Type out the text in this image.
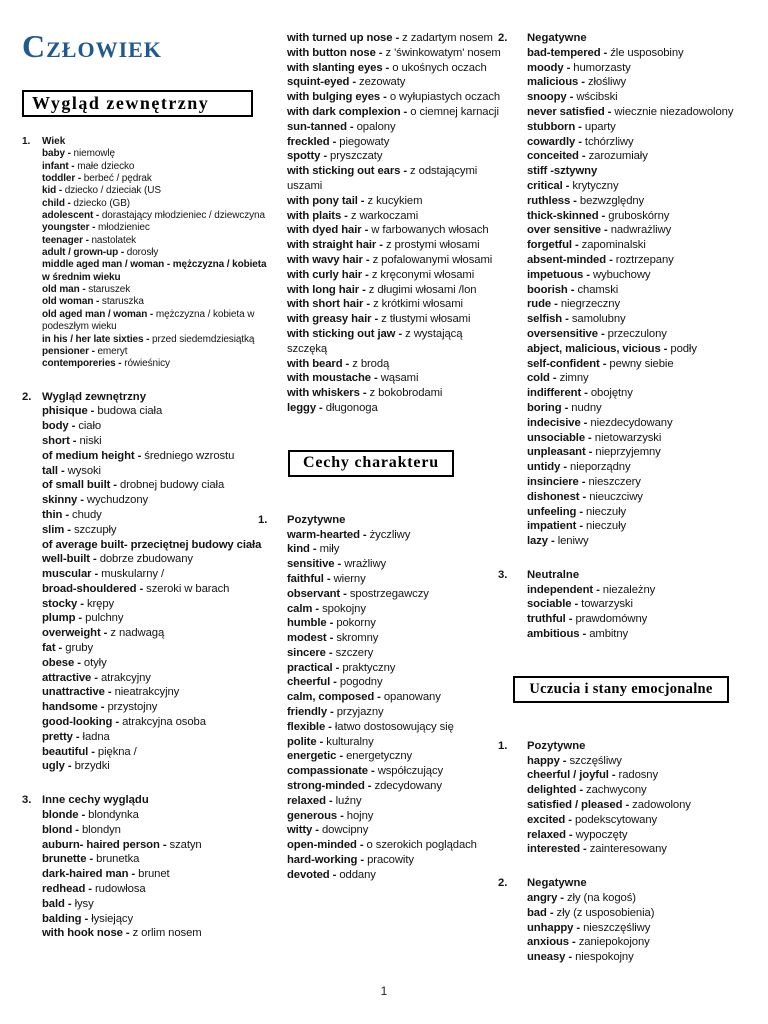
Człowiek
Wygląd zewnętrzny
1. Wiek
baby - niemowlę
infant - małe dziecko
toddler - berbeć / pędrak
kid - dziecko / dzieciak (US
child - dziecko (GB)
adolescent - dorastający młodzieniec / dziewczyna
youngster - młodzieniec
teenager - nastolatek
adult / grown-up - dorosły
middle aged man / woman - mężczyzna / kobieta w średnim wieku
old man - staruszek
old woman - staruszka
old aged man / woman - mężczyzna / kobieta w podeszłym wieku
in his / her late sixties - przed siedemdziesiątką
pensioner - emeryt
contemporeries - rówieśnicy
2. Wygląd zewnętrzny
phisique - budowa ciała
body - ciało
short - niski
of medium height - średniego wzrostu
tall - wysoki
of small built - drobnej budowy ciała
skinny - wychudzony
thin - chudy
slim - szczupły
of average built- przeciętnej budowy ciała
well-built - dobrze zbudowany
muscular - muskularny /
broad-shouldered - szeroki w barach
stocky - krępy
plump - pulchny
overweight - z nadwagą
fat - gruby
obese - otyły
attractive - atrakcyjny
unattractive - nieatrakcyjny
handsome - przystojny
good-looking - atrakcyjna osoba
pretty - ładna
beautiful - piękna /
ugly - brzydki
3. Inne cechy wyglądu
blonde - blondynka
blond - blondyn
auburn- haired person - szatyn
brunette - brunetka
dark-haired man - brunet
redhead - rudowłosa
bald - łysy
balding - łysiejący
with hook nose - z orlim nosem
with turned up nose - z zadartym nosem
with button nose - z 'świnkowatym' nosem
with slanting eyes - o ukośnych oczach
squint-eyed - zezowaty
with bulging eyes - o wyłupiastych oczach
with dark complexion - o ciemnej karnacji
sun-tanned - opalony
freckled - piegowaty
spotty - pryszczaty
with sticking out ears - z odstającymi uszami
with pony tail - z kucykiem
with plaits - z warkoczami
with dyed hair - w farbowanych włosach
with straight hair - z prostymi włosami
with wavy hair - z pofalowanymi włosami
with curly hair - z kręconymi włosami
with long hair - z długimi włosami /lon
with short hair - z krótkimi włosami
with greasy hair - z tłustymi włosami
with sticking out jaw - z wystającą szczęką
with beard - z brodą
with moustache - wąsami
with whiskers - z bokobrodami
leggy - długonoga
Cechy charakteru
1. Pozytywne
warm-hearted - życzliwy
kind - miły
sensitive - wrażliwy
faithful - wierny
observant - spostrzegawczy
calm - spokojny
humble - pokorny
modest - skromny
sincere - szczery
practical - praktyczny
cheerful - pogodny
calm, composed - opanowany
friendly - przyjazny
flexible - łatwo dostosowujący się
polite - kulturalny
energetic - energetyczny
compassionate - współczujący
strong-minded - zdecydowany
relaxed - luźny
generous - hojny
witty - dowcipny
open-minded - o szerokich poglądach
hard-working - pracowity
devoted - oddany
2. Negatywne
bad-tempered - źle usposobiny
moody - humorzasty
malicious - złośliwy
snoopy - wścibski
never satisfied - wiecznie niezadowolony
stubborn - uparty
cowardly - tchórzliwy
conceited - zarozumiały
stiff -sztywny
critical - krytyczny
ruthless - bezwzględny
thick-skinned - gruboskórny
over sensitive - nadwrażliwy
forgetful - zapominalski
absent-minded - roztrzepany
impetuous - wybuchowy
boorish - chamski
rude - niegrzeczny
selfish - samolubny
oversensitive - przeczulony
abject, malicious, vicious - podły
self-confident - pewny siebie
cold - zimny
indifferent - obojętny
boring - nudny
indecisive - niezdecydowany
unsociable - nietowarzyski
unpleasant - nieprzyjemny
untidy - nieporządny
insinciere - nieszczery
dishonest - nieuczciwy
unfeeling - nieczuły
impatient - nieczuły
lazy - leniwy
3. Neutralne
independent - niezależny
sociable - towarzyski
truthful - prawdomówny
ambitious - ambitny
Uczucia i stany emocjonalne
1. Pozytywne
happy - szczęśliwy
cheerful / joyful - radosny
delighted - zachwycony
satisfied / pleased - zadowolony
excited - podekscytowany
relaxed - wypoczęty
interested - zainteresowany
2. Negatywne
angry - zły (na kogoś)
bad - zły (z usposobienia)
unhappy - nieszczęśliwy
anxious - zaniepokojony
uneasy - niespokojny
1
